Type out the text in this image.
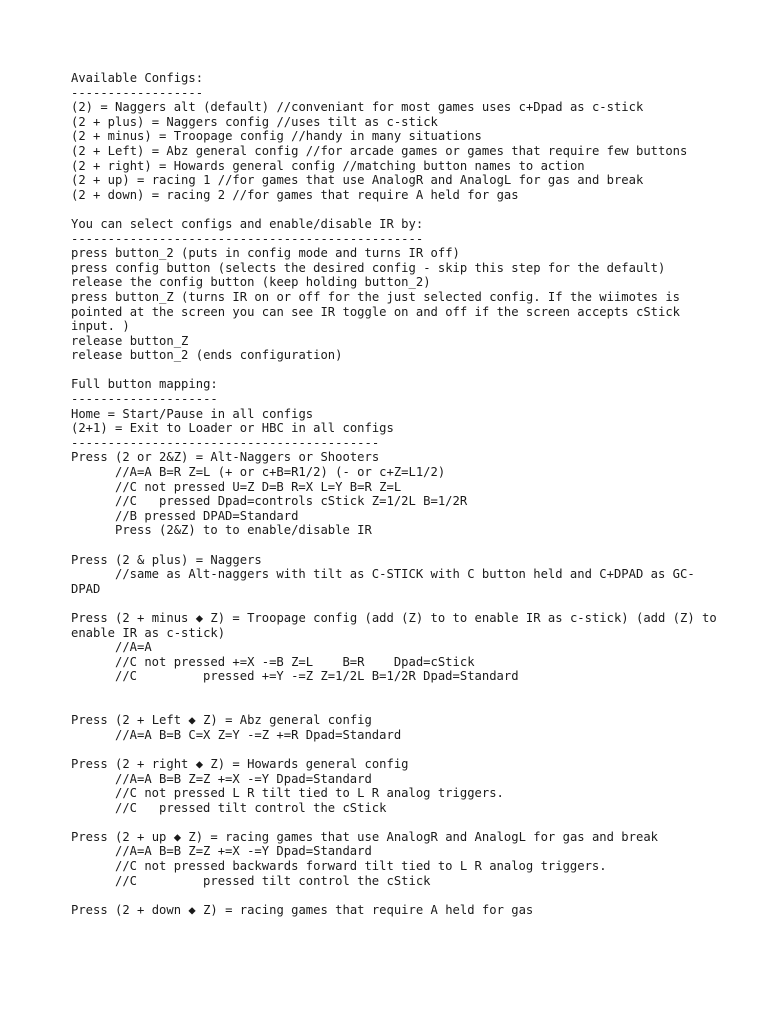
Available Configs:
------------------
(2) = Naggers alt (default) //conveniant for most games uses c+Dpad as c-stick
(2 + plus) = Naggers config //uses tilt as c-stick
(2 + minus) = Troopage config //handy in many situations
(2 + Left) = Abz general config //for arcade games or games that require few buttons
(2 + right) = Howards general config //matching button names to action
(2 + up) = racing 1 //for games that use AnalogR and AnalogL for gas and break
(2 + down) = racing 2 //for games that require A held for gas
You can select configs and enable/disable IR by:
------------------------------------------------
press button_2 (puts in config mode and turns IR off)
press config button (selects the desired config - skip this step for the default)
release the config button (keep holding button_2)
press button_Z (turns IR on or off for the just selected config. If the wiimotes is pointed at the screen you can see IR toggle on and off if the screen accepts cStick input. )
release button_Z
release button_2 (ends configuration)
Full button mapping:
--------------------
Home = Start/Pause in all configs
(2+1) = Exit to Loader or HBC in all configs
------------------------------------------
Press (2 or 2&Z) = Alt-Naggers or Shooters
//A=A B=R Z=L (+ or c+B=R1/2) (- or c+Z=L1/2)
//C not pressed U=Z D=B R=X L=Y B=R Z=L
//C   pressed Dpad=controls cStick Z=1/2L B=1/2R
//B pressed DPAD=Standard
Press (2&Z) to to enable/disable IR
Press (2 & plus) = Naggers
//same as Alt-naggers with tilt as C-STICK with C button held and C+DPAD as GC-DPAD
Press (2 + minus ◆ Z) = Troopage config (add (Z) to to enable IR as c-stick) (add (Z) to enable IR as c-stick)
//A=A
//C not pressed +=X -=B Z=L    B=R    Dpad=cStick
//C         pressed +=Y -=Z Z=1/2L B=1/2R Dpad=Standard
Press (2 + Left ◆ Z) = Abz general config
//A=A B=B C=X Z=Y -=Z +=R Dpad=Standard
Press (2 + right ◆ Z) = Howards general config
//A=A B=B Z=Z +=X -=Y Dpad=Standard
//C not pressed L R tilt tied to L R analog triggers.
//C   pressed tilt control the cStick
Press (2 + up ◆ Z) = racing games that use AnalogR and AnalogL for gas and break
//A=A B=B Z=Z +=X -=Y Dpad=Standard
//C not pressed backwards forward tilt tied to L R analog triggers.
//C         pressed tilt control the cStick
Press (2 + down ◆ Z) = racing games that require A held for gas
